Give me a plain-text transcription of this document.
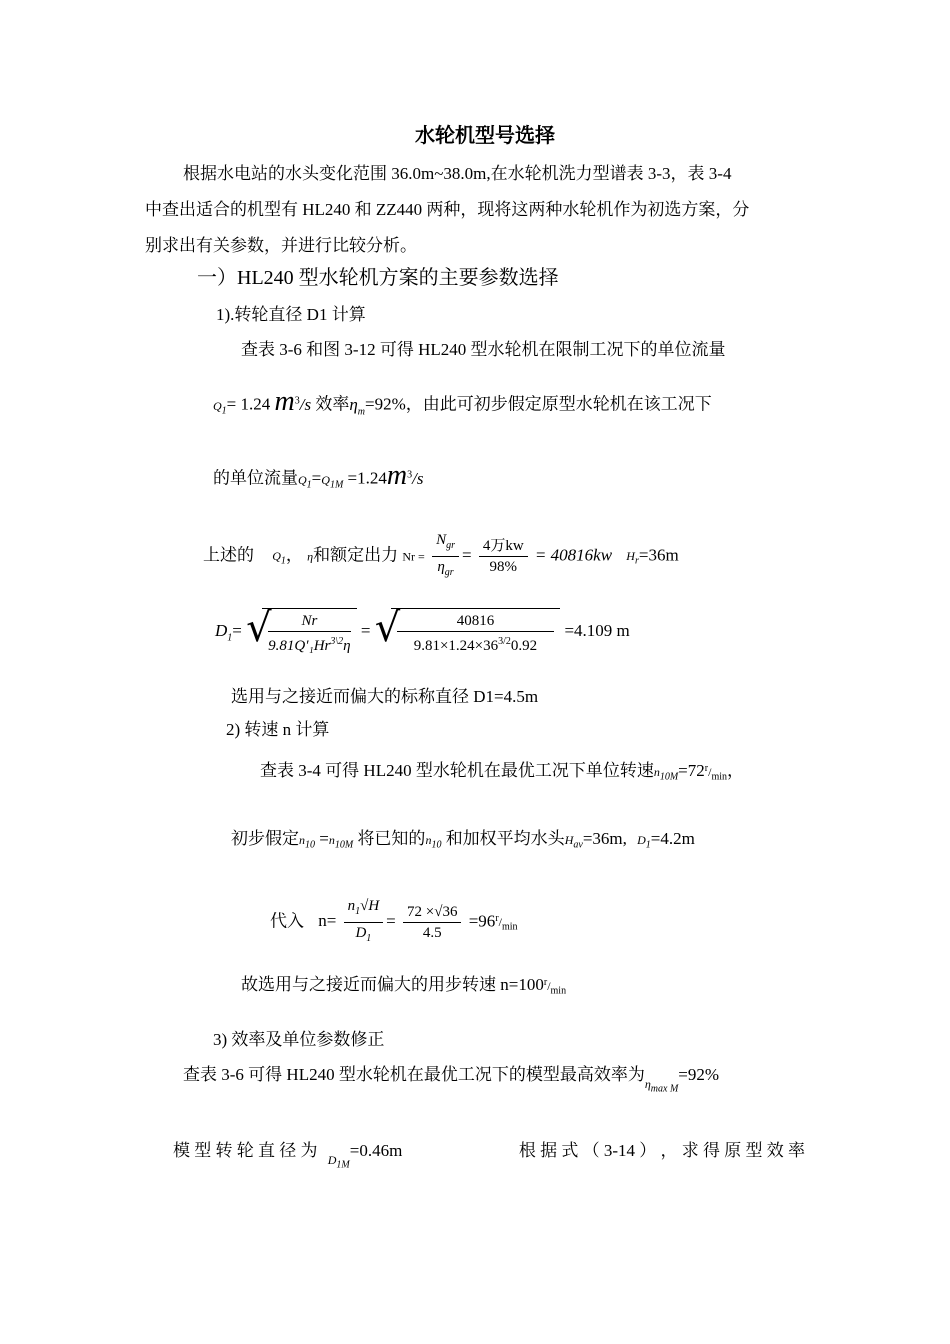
水轮机型号选择
根据水电站的水头变化范围 36.0m~38.0m,在水轮机洗力型谱表 3-3，表 3-4
中查出适合的机型有 HL240 和 ZZ440 两种，现将这两种水轮机作为初选方案，分
别求出有关参数，并进行比较分析。
一）HL240 型水轮机方案的主要参数选择
1).转轮直径 D1 计算
查表 3-6 和图 3-12 可得 HL240 型水轮机在限制工况下的单位流量
$Q_1= 1.24$ $m^3/s$ 效率$\eta_m=92\%$，由此可初步假定原型水轮机在该工况下
的单位流量$Q_1=Q_{1M} =1.24m^3/s$
上述的 $Q_1$， η和额定出力 $Nr = \frac{N_{gr}}{\eta_{gr}} = \frac{\text{4万kw}}{98\%} = 40816kw$ $H_r=36m$
$D_1=$ √
$\frac{Nr}{9.81Q'_1Hr^{3\backslash 2}\eta}$ = √
$\frac{40816}{9.81\times 1.24\times 36^{3/2}0.92} =4.109$ m
选用与之接近而偏大的标称直径 D1=4.5m
2) 转速 n 计算
查表 3-4 可得 HL240 型水轮机在最优工况下单位转速$n_{10M}=72^r/_{min}$，
初步假定$n_{10} =n_{10M}$ 将已知的$n_{10}$ 和加权平均水头$H_{av}=36m$, $D_1=4.2m$
代入 $n= \frac{n_1√H}{D_1} = \frac{72 \times√36}{4.5} =96^r/_{min}$
故选用与之接近而偏大的用步转速 $n=100^r/_{min}$
3) 效率及单位参数修正
查表 3-6 可得 HL240 型水轮机在最优工况下的模型最高效率为$_{\eta_{max M}}$=92%
模 型 转 轮 直 径 为 $_{D_{1M}}$=0.46m	根 据 式 （ 3-14 ） ， 求 得 原 型 效 率
